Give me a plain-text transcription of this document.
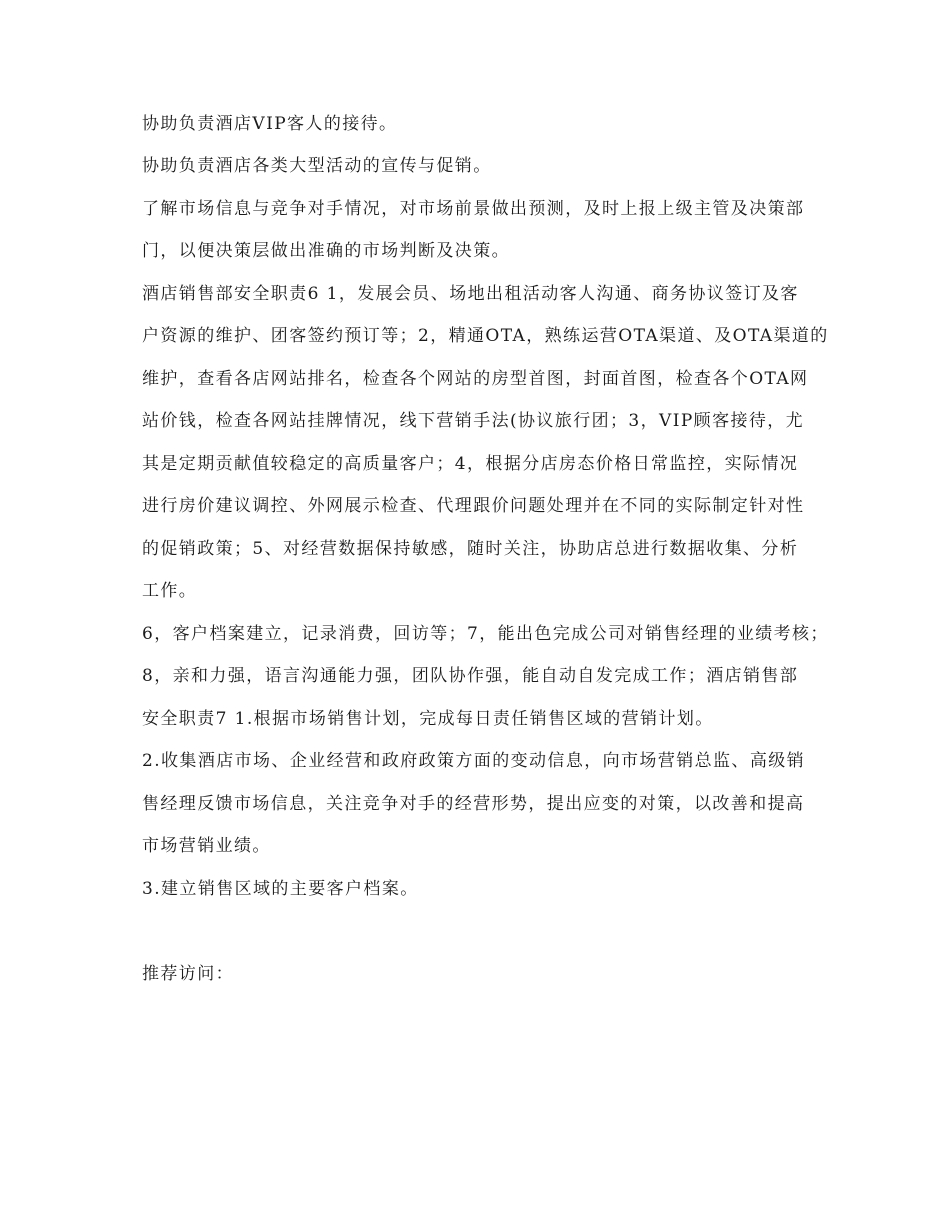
协助负责酒店VIP客人的接待。
协助负责酒店各类大型活动的宣传与促销。
了解市场信息与竞争对手情况，对市场前景做出预测，及时上报上级主管及决策部
门，以便决策层做出准确的市场判断及决策。
酒店销售部安全职责6 1，发展会员、场地出租活动客人沟通、商务协议签订及客
户资源的维护、团客签约预订等；2，精通OTA，熟练运营OTA渠道、及OTA渠道的
维护，查看各店网站排名，检查各个网站的房型首图，封面首图，检查各个OTA网
站价钱，检查各网站挂牌情况，线下营销手法(协议旅行团；3，VIP顾客接待，尤
其是定期贡献值较稳定的高质量客户；4，根据分店房态价格日常监控，实际情况
进行房价建议调控、外网展示检查、代理跟价问题处理并在不同的实际制定针对性
的促销政策；5、对经营数据保持敏感，随时关注，协助店总进行数据收集、分析
工作。
6，客户档案建立，记录消费，回访等；7，能出色完成公司对销售经理的业绩考核；
8，亲和力强，语言沟通能力强，团队协作强，能自动自发完成工作；酒店销售部
安全职责7 1.根据市场销售计划，完成每日责任销售区域的营销计划。
2.收集酒店市场、企业经营和政府政策方面的变动信息，向市场营销总监、高级销
售经理反馈市场信息，关注竞争对手的经营形势，提出应变的对策，以改善和提高
市场营销业绩。
3.建立销售区域的主要客户档案。
推荐访问：
